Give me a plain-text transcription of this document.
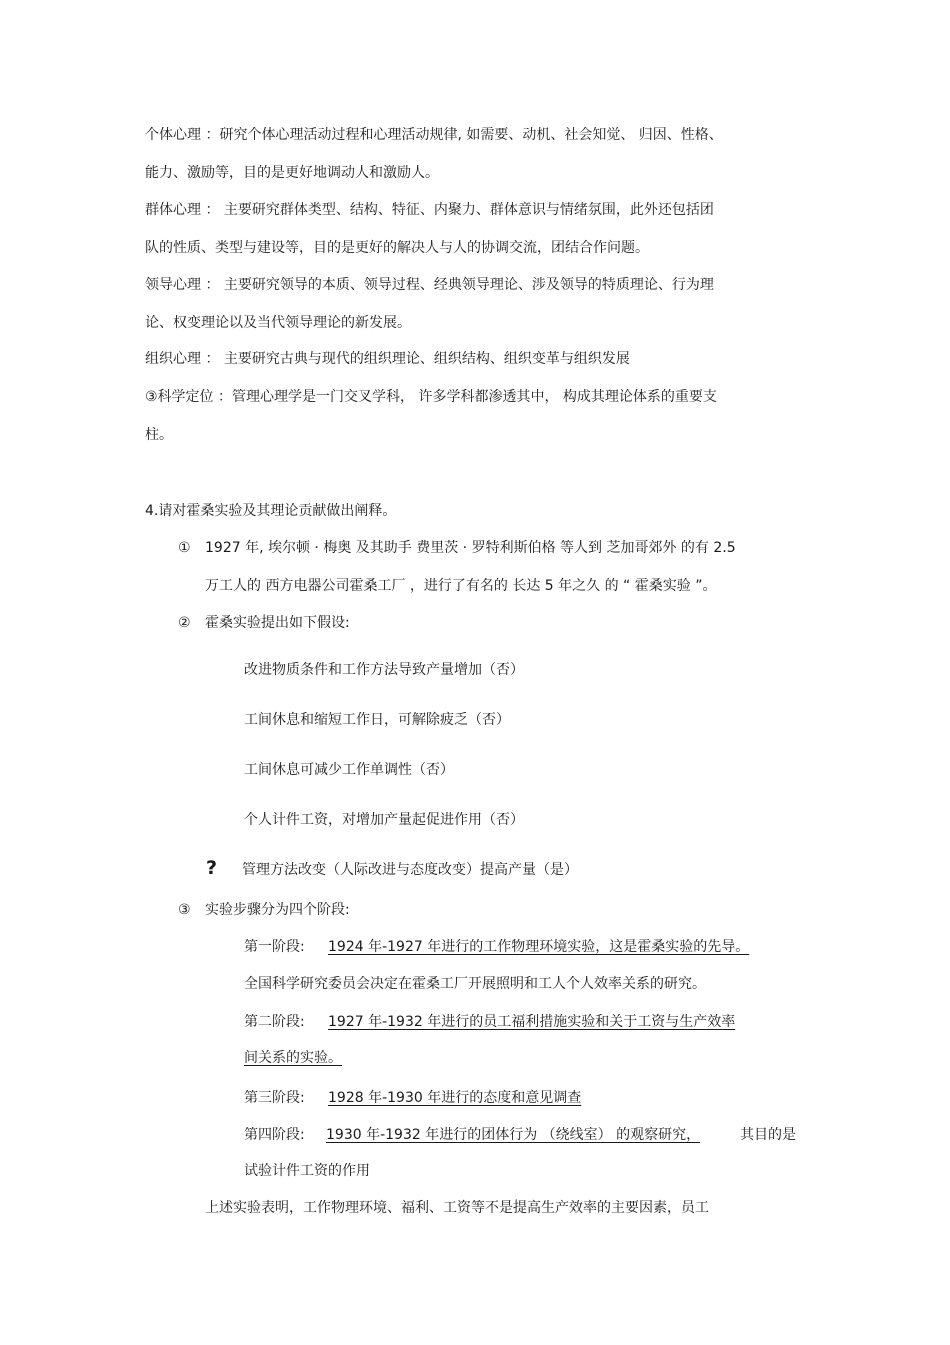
个体心理 ：研究个体心理活动过程和心理活动规律, 如需要、动机、社会知觉、 归因、性格、
能力、激励等，目的是更好地调动人和激励人。
群体心理 ： 主要研究群体类型、结构、特征、内聚力、群体意识与情绪氛围，此外还包括团
队的性质、类型与建设等，目的是更好的解决人与人的协调交流，团结合作问题。
领导心理 ： 主要研究领导的本质、领导过程、经典领导理论、涉及领导的特质理论、行为理
论、权变理论以及当代领导理论的新发展。
组织心理 ： 主要研究古典与现代的组织理论、组织结构、组织变革与组织发展
③科学定位 ：管理心理学是一门交叉学科， 许多学科都渗透其中， 构成其理论体系的重要支
柱。
4.请对霍桑实验及其理论贡献做出阐释。
① 1927 年, 埃尔顿 · 梅奥 及其助手 费里茨 · 罗特利斯伯格 等人到 芝加哥郊外 的有 2.5
万工人的 西方电器公司霍桑工厂 ，进行了有名的 长达 5 年之久 的 “ 霍桑实验 ”。
② 霍桑实验提出如下假设:
改进物质条件和工作方法导致产量增加（否）
工间休息和缩短工作日，可解除疲乏（否）
工间休息可减少工作单调性（否）
个人计件工资，对增加产量起促进作用（否）
? 管理方法改变（人际改进与态度改变）提高产量（是）
③ 实验步骤分为四个阶段:
第一阶段: 1924 年-1927 年进行的工作物理环境实验，这是霍桑实验的先导。
全国科学研究委员会决定在霍桑工厂开展照明和工人个人效率关系的研究。
第二阶段: 1927 年-1932 年进行的员工福利措施实验和关于工资与生产效率
间关系的实验。
第三阶段: 1928 年-1930 年进行的态度和意见调查
第四阶段: 1930 年-1932 年进行的团体行为 （绕线室） 的观察研究，	其目的是
试验计件工资的作用
上述实验表明，工作物理环境、福利、工资等不是提高生产效率的主要因素，员工
